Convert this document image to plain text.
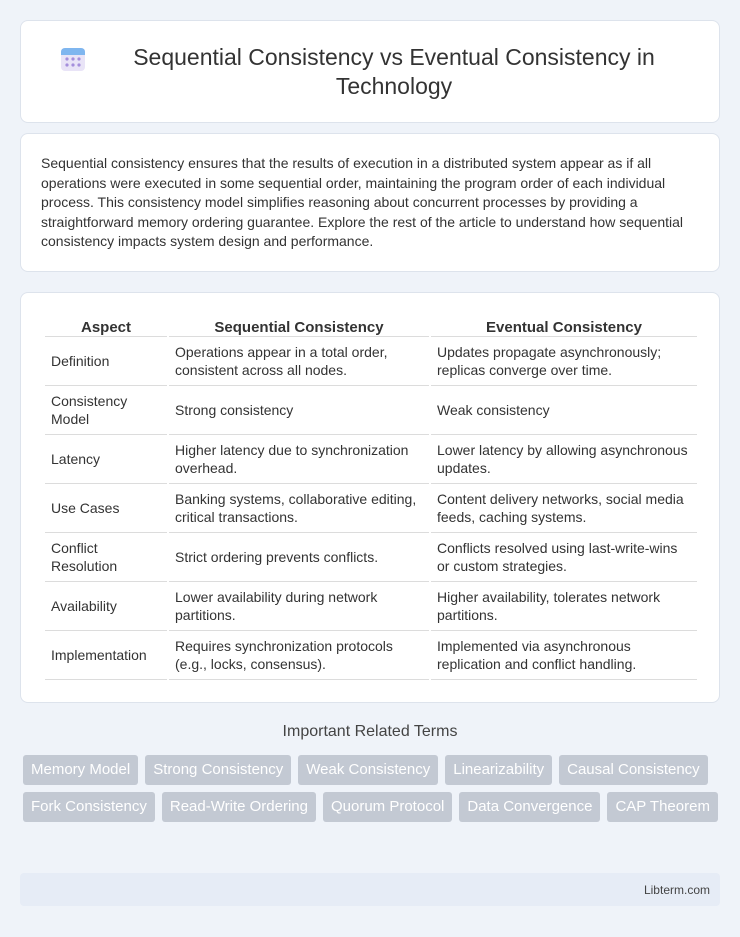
Sequential Consistency vs Eventual Consistency in Technology

Sequential consistency ensures that the results of execution in a distributed system appear as if all operations were executed in some sequential order, maintaining the program order of each individual process. This consistency model simplifies reasoning about concurrent processes by providing a straightforward memory ordering guarantee. Explore the rest of the article to understand how sequential consistency impacts system design and performance.

Aspect	Sequential Consistency	Eventual Consistency
Definition	Operations appear in a total order, consistent across all nodes.	Updates propagate asynchronously; replicas converge over time.
Consistency Model	Strong consistency	Weak consistency
Latency	Higher latency due to synchronization overhead.	Lower latency by allowing asynchronous updates.
Use Cases	Banking systems, collaborative editing, critical transactions.	Content delivery networks, social media feeds, caching systems.
Conflict Resolution	Strict ordering prevents conflicts.	Conflicts resolved using last-write-wins or custom strategies.
Availability	Lower availability during network partitions.	Higher availability, tolerates network partitions.
Implementation	Requires synchronization protocols (e.g., locks, consensus).	Implemented via asynchronous replication and conflict handling.
Important Related Terms
Memory Model	Strong Consistency	Weak Consistency	Linearizability	Causal Consistency
Fork Consistency	Read-Write Ordering	Quorum Protocol	Data Convergence	CAP Theorem
Libterm.com
